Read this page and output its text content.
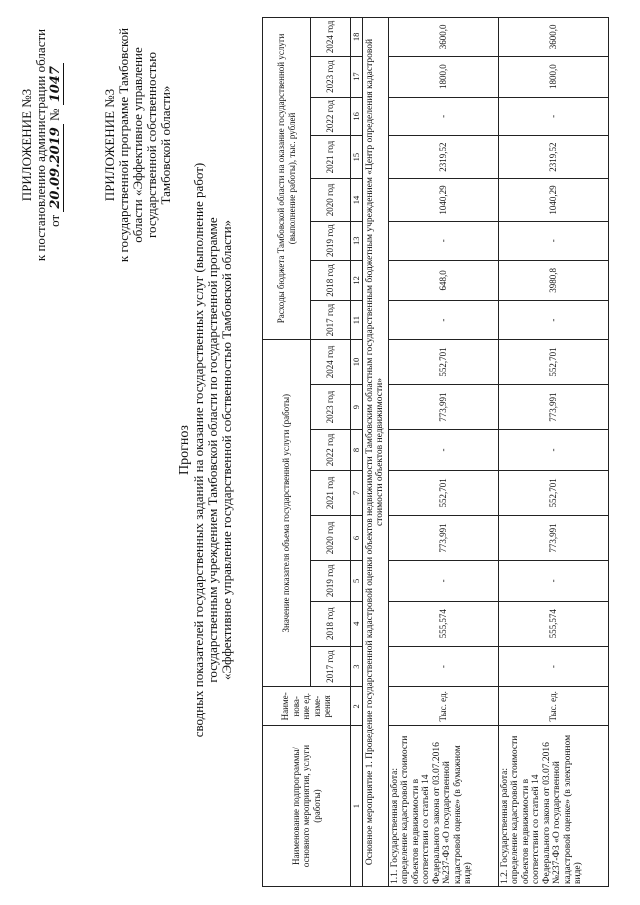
ПРИЛОЖЕНИЕ №3 к постановлению администрации области от 20.09.2019 № 1047
ПРИЛОЖЕНИЕ №3 к государственной программе Тамбовской области «Эффективное управление государственной собственностью Тамбовской области»
Прогноз сводных показателей государственных заданий на оказание государственных услуг (выполнение работ) государственным учреждением Тамбовской области по государственной программе «Эффективное управление государственной собственностью Тамбовской области»
Наименование подпрограммы/основного мероприятия, услуги (работы)	Наиме-нова-ние ед. изме-рения	Значение показателя объема государственной услуги (работы)								Расходы бюджета Тамбовской области на оказание государственной услуги (выполнение работы), тыс. рублей							
		2017 год	2018 год	2019 год	2020 год	2021 год	2022 год	2023 год	2024 год	2017 год	2018 год	2019 год	2020 год	2021 год	2022 год	2023 год	2024 год
1	2	3	4	5	6	7	8	9	10	11	12	13	14	15	16	17	18
Основное мероприятие 1. Проведение государственной кадастровой оценки объектов недвижимости Тамбовским областным государственным бюджетным учреждением «Центр определения кадастровой стоимости объектов недвижимости»																	
1.1. Государственная работа: определение кадастровой стоимости объектов недвижимости в соответствии со статьей 14 Федерального закона от 03.07.2016 №237-ФЗ «О государственной кадастровой оценке» (в бумажном виде)	Тыс. ед.	-	555,574	-	773,991	552,701	-	773,991	552,701	-	648,0	-	1040,29	2319,52	-	1800,0	3600,0
1.2. Государственная работа: определение кадастровой стоимости объектов недвижимости в соответствии со статьей 14 Федерального закона от 03.07.2016 №237-ФЗ «О государственной кадастровой оценке» (в электронном виде)	Тыс. ед.	-	555,574	-	773,991	552,701	-	773,991	552,701	-	3980,8	-	1040,29	2319,52	-	1800,0	3600,0
